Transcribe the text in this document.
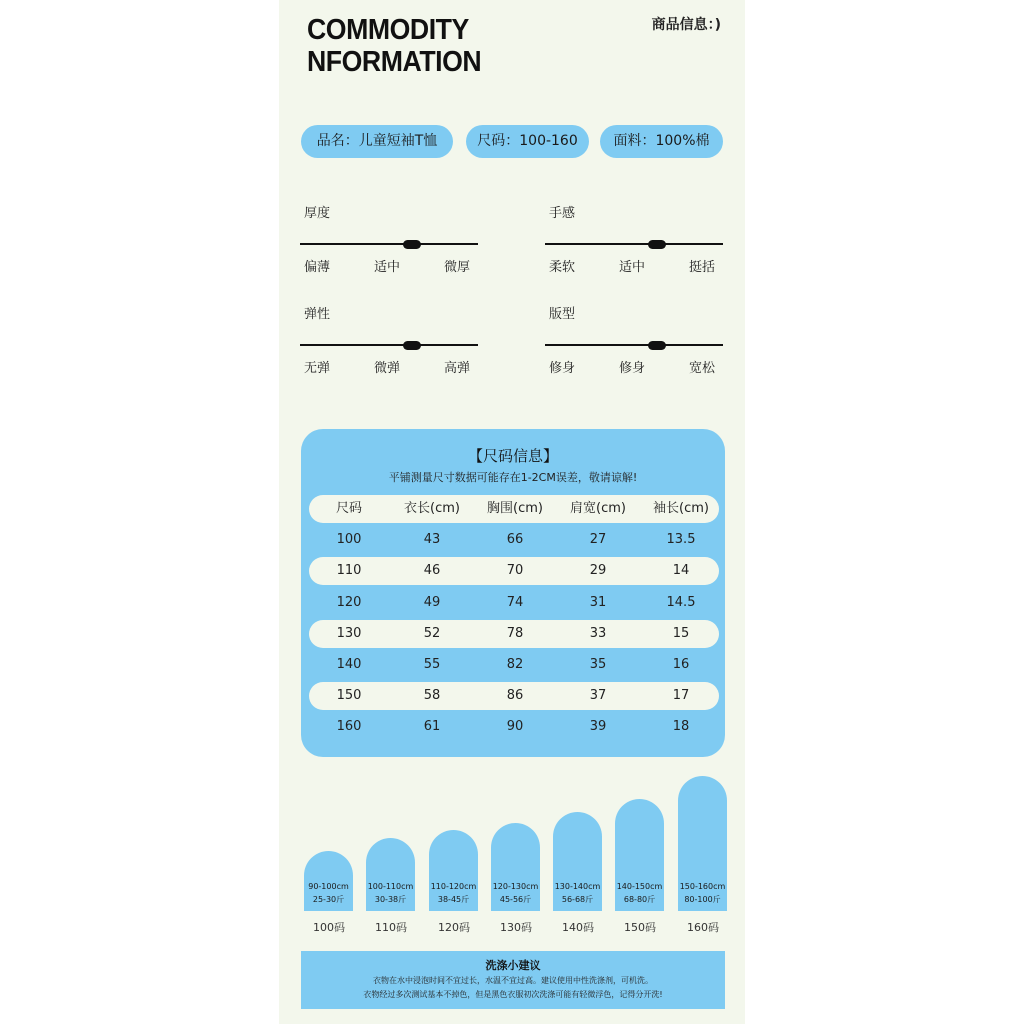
COMMODITY
NFORMATION
商品信息：)
品名：儿童短袖T恤	尺码：100-160	面料：100%棉
厚度
偏薄	适中	微厚
手感
柔软	适中	挺括
弹性
无弹	微弹	高弹
版型
修身	修身	宽松
【尺码信息】
平铺测量尺寸数据可能存在1-2CM误差，敬请谅解!
尺码	衣长(cm)	胸围(cm)	肩宽(cm)	袖长(cm)
100	43	66	27	13.5
110	46	70	29	14
120	49	74	31	14.5
130	52	78	33	15
140	55	82	35	16
150	58	86	37	17
160	61	90	39	18
90-100cm
25-30斤
100码
100-110cm
30-38斤
110码
110-120cm
38-45斤
120码
120-130cm
45-56斤
130码
130-140cm
56-68斤
140码
140-150cm
68-80斤
150码
150-160cm
80-100斤
160码
洗涤小建议
衣物在水中浸泡时间不宜过长，水温不宜过高。建议使用中性洗涤剂，可机洗。
衣物经过多次测试基本不掉色，但是黑色衣服初次洗涤可能有轻微浮色，记得分开洗!
